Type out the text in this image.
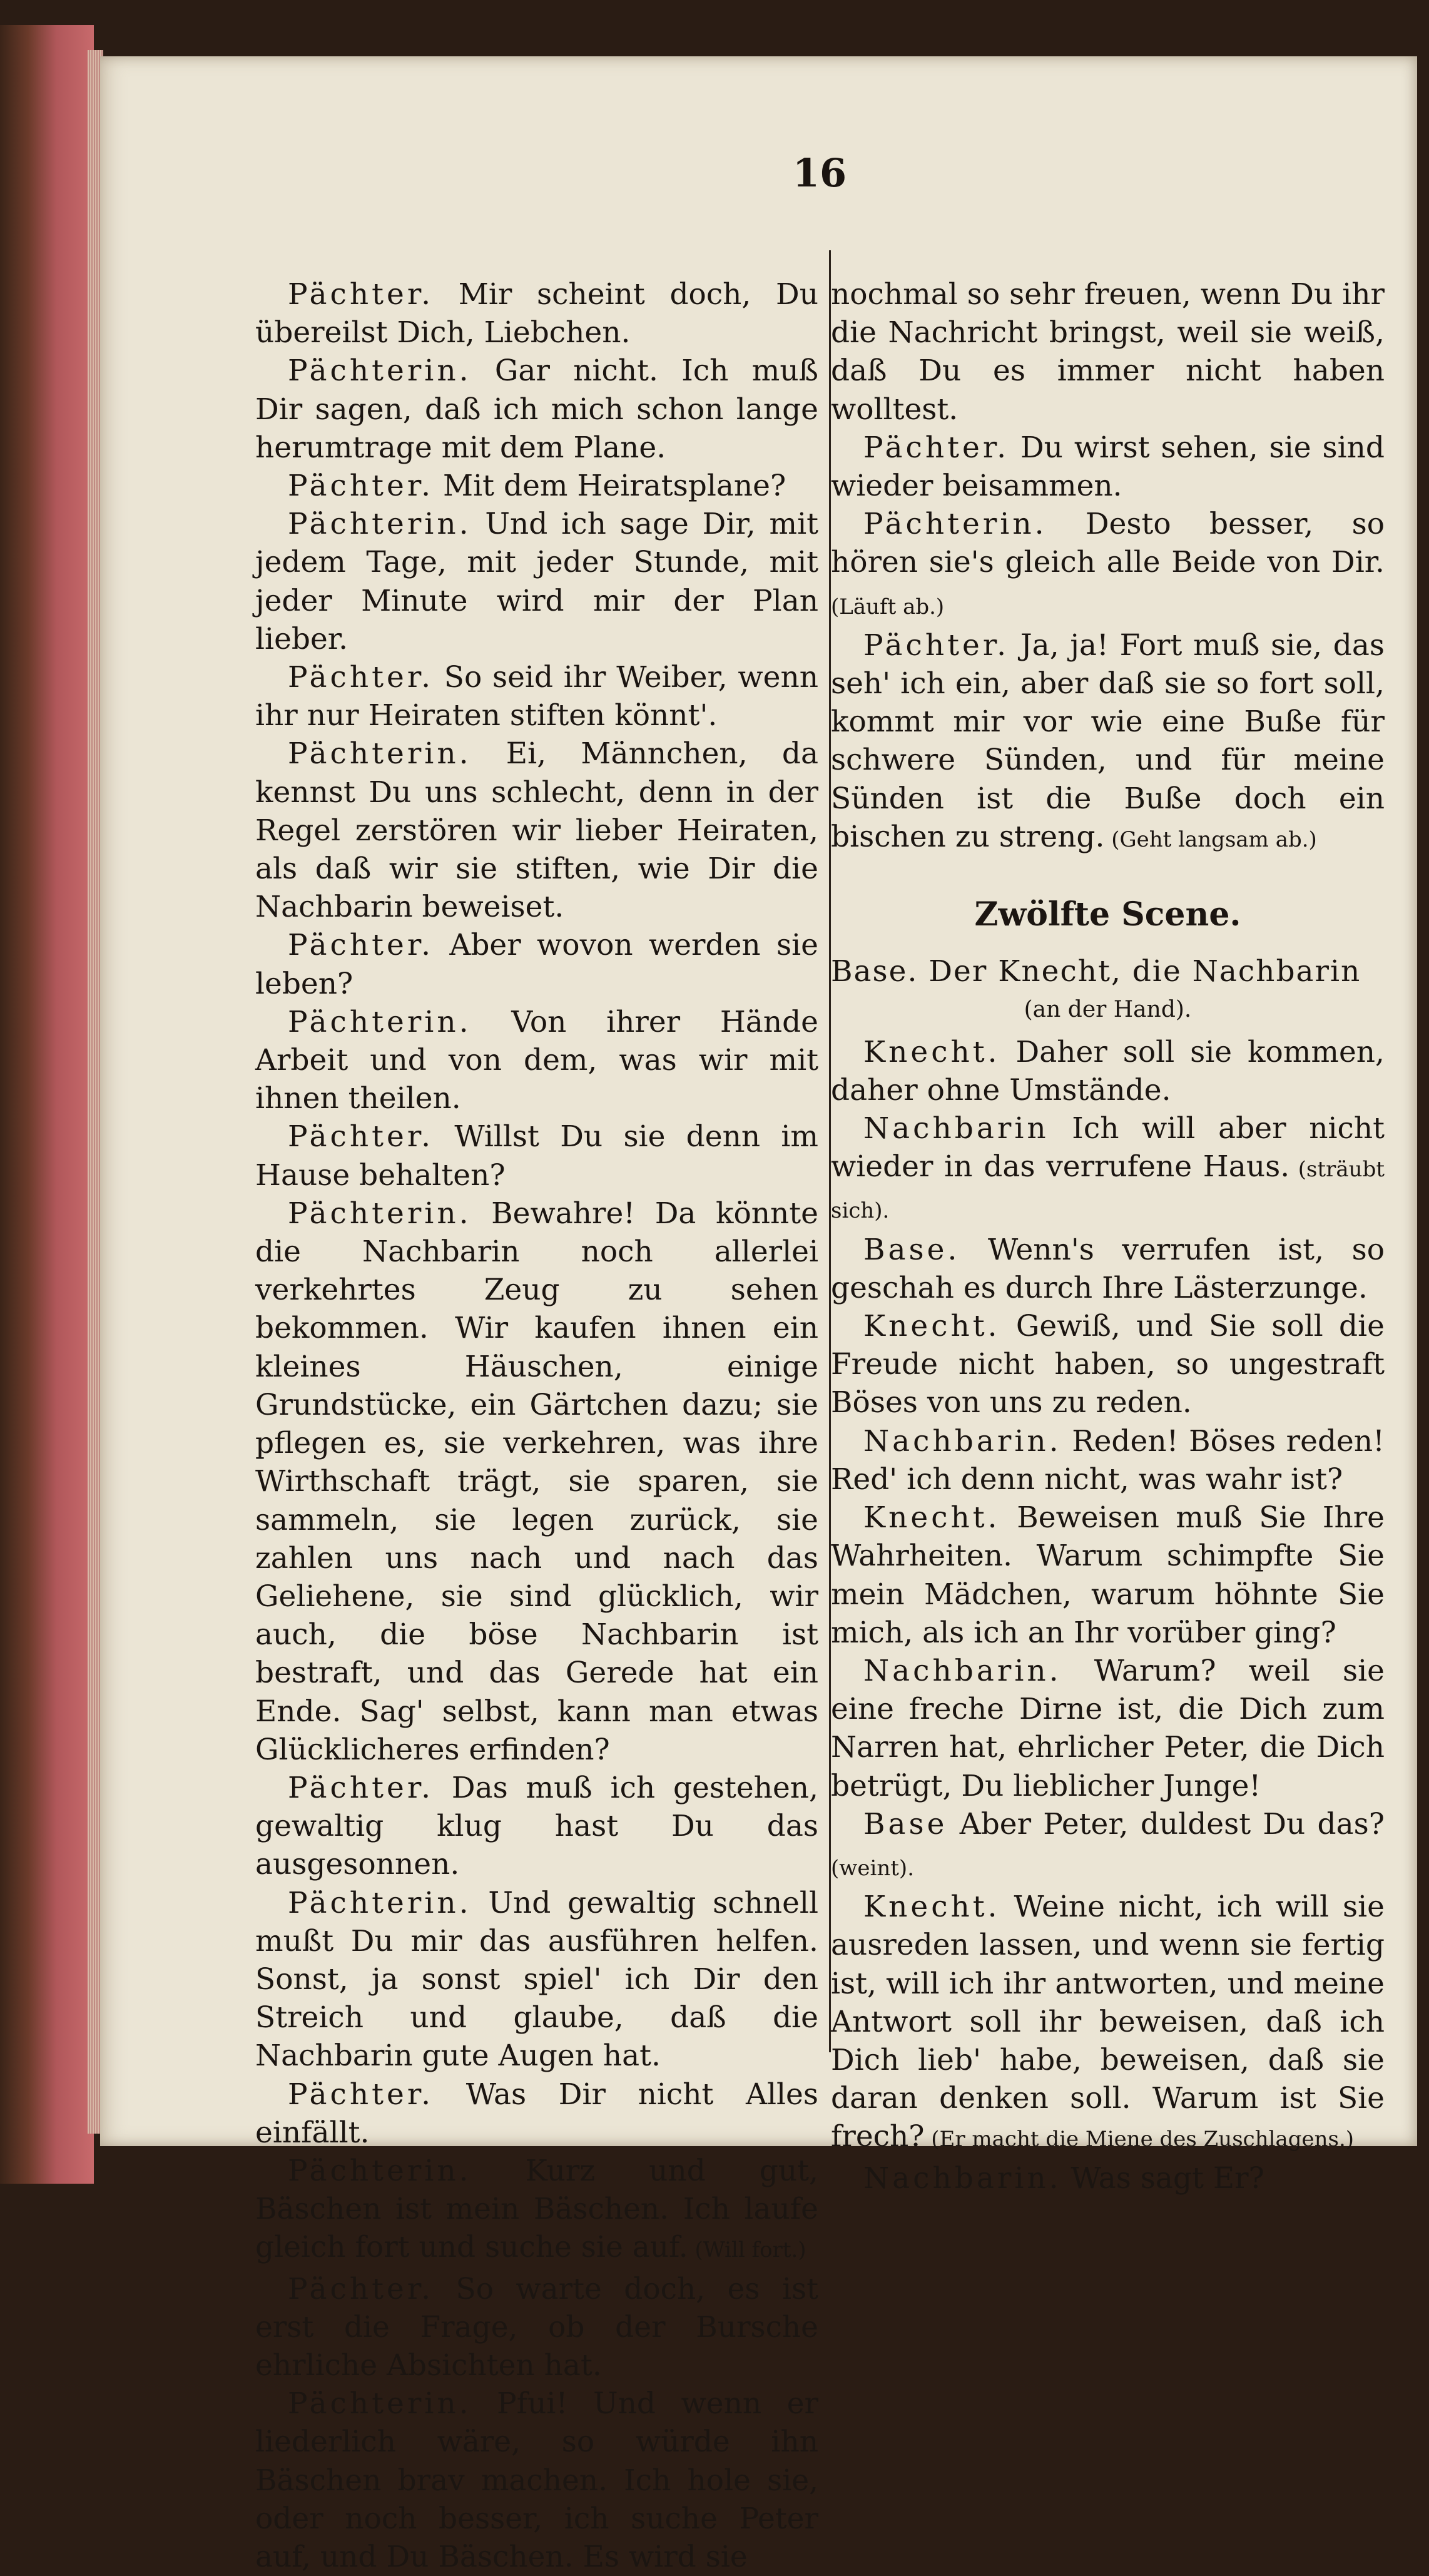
16

Pächter. Mir scheint doch, Du übereilst Dich, Liebchen.

Pächterin. Gar nicht. Ich muß Dir sagen, daß ich mich schon lange herumtrage mit dem Plane.

Pächter. Mit dem Heiratsplane?

Pächterin. Und ich sage Dir, mit jedem Tage, mit jeder Stunde, mit jeder Minute wird mir der Plan lieber.

Pächter. So seid ihr Weiber, wenn ihr nur Heiraten stiften könnt'.

Pächterin. Ei, Männchen, da kennst Du uns schlecht, denn in der Regel zerstören wir lieber Heiraten, als daß wir sie stiften, wie Dir die Nachbarin beweiset.

Pächter. Aber wovon werden sie leben?

Pächterin. Von ihrer Hände Arbeit und von dem, was wir mit ihnen theilen.

Pächter. Willst Du sie denn im Hause behalten?

Pächterin. Bewahre! Da könnte die Nachbarin noch allerlei verkehrtes Zeug zu sehen bekommen. Wir kaufen ihnen ein kleines Häuschen, einige Grundstücke, ein Gärtchen dazu; sie pflegen es, sie verkehren, was ihre Wirthschaft trägt, sie sparen, sie sammeln, sie legen zurück, sie zahlen uns nach und nach das Geliehene, sie sind glücklich, wir auch, die böse Nachbarin ist bestraft, und das Gerede hat ein Ende. Sag' selbst, kann man etwas Glücklicheres erfinden?

Pächter. Das muß ich gestehen, gewaltig klug hast Du das ausgesonnen.

Pächterin. Und gewaltig schnell mußt Du mir das ausführen helfen. Sonst, ja sonst spiel' ich Dir den Streich und glaube, daß die Nachbarin gute Augen hat.

Pächter. Was Dir nicht Alles einfällt.

Pächterin. Kurz und gut, Bäschen ist mein Bäschen. Ich laufe gleich fort und suche sie auf. (Will fort.)

Pächter. So warte doch, es ist erst die Frage, ob der Bursche ehrliche Absichten hat.

Pächterin. Pfui! Und wenn er liederlich wäre, so würde ihn Bäschen brav machen. Ich hole sie, oder noch besser, ich suche Peter auf, und Du Bäschen. Es wird sie

nochmal so sehr freuen, wenn Du ihr die Nachricht bringst, weil sie weiß, daß Du es immer nicht haben wolltest.

Pächter. Du wirst sehen, sie sind wieder beisammen.

Pächterin. Desto besser, so hören sie's gleich alle Beide von Dir. (Läuft ab.)

Pächter. Ja, ja! Fort muß sie, das seh' ich ein, aber daß sie so fort soll, kommt mir vor wie eine Buße für schwere Sünden, und für meine Sünden ist die Buße doch ein bischen zu streng. (Geht langsam ab.)

Zwölfte Scene.

Base. Der Knecht, die Nachbarin

(an der Hand).

Knecht. Daher soll sie kommen, daher ohne Umstände.

Nachbarin Ich will aber nicht wieder in das verrufene Haus. (sträubt sich).

Base. Wenn's verrufen ist, so geschah es durch Ihre Lästerzunge.

Knecht. Gewiß, und Sie soll die Freude nicht haben, so ungestraft Böses von uns zu reden.

Nachbarin. Reden! Böses reden! Red' ich denn nicht, was wahr ist?

Knecht. Beweisen muß Sie Ihre Wahrheiten. Warum schimpfte Sie mein Mädchen, warum höhnte Sie mich, als ich an Ihr vorüber ging?

Nachbarin. Warum? weil sie eine freche Dirne ist, die Dich zum Narren hat, ehrlicher Peter, die Dich betrügt, Du lieblicher Junge!

Base Aber Peter, duldest Du das? (weint).

Knecht. Weine nicht, ich will sie ausreden lassen, und wenn sie fertig ist, will ich ihr antworten, und meine Antwort soll ihr beweisen, daß ich Dich lieb' habe, beweisen, daß sie daran denken soll. Warum ist Sie frech? (Er macht die Miene des Zuschlagens.)

Nachbarin. Was sagt Er?
